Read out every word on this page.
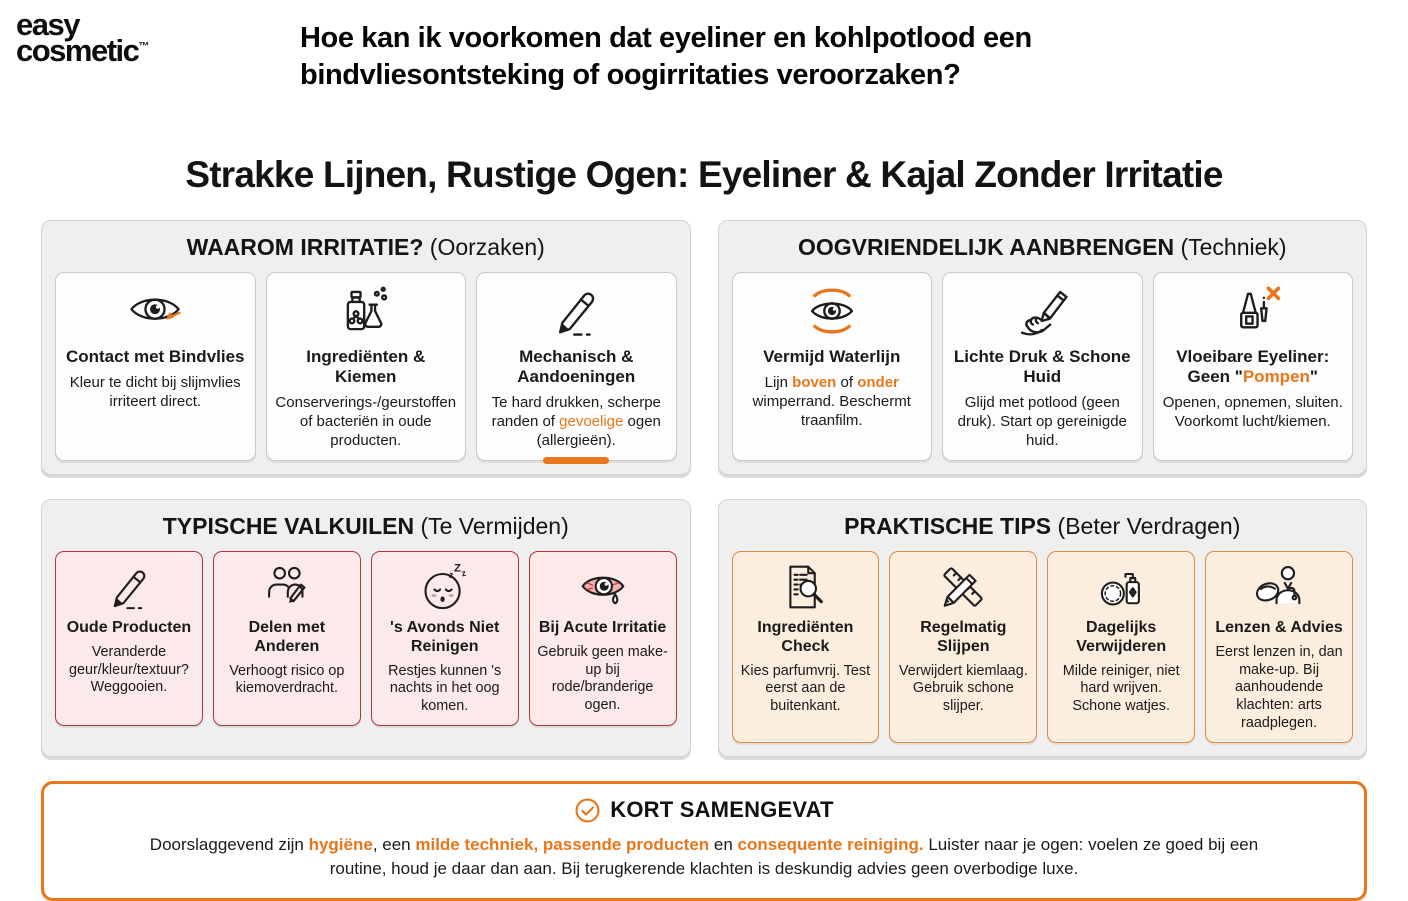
easy
cosmetic™	Hoe kan ik voorkomen dat eyeliner en kohlpotlood een
bindvliesontsteking of oogirritaties veroorzaken?
Strakke Lijnen, Rustige Ogen: Eyeliner & Kajal Zonder Irritatie
WAAROM IRRITATIE? (Oorzaken)
Contact met Bindvlies
Kleur te dicht bij slijmvlies irriteert direct.
Ingrediënten & Kiemen
Conserverings-/geurstoffen of bacteriën in oude producten.
Mechanisch & Aandoeningen
Te hard drukken, scherpe randen of gevoelige ogen (allergieën).
OOGVRIENDELIJK AANBRENGEN (Techniek)
Vermijd Waterlijn
Lijn boven of onder wimperrand. Beschermt traanfilm.
Lichte Druk & Schone Huid
Glijd met potlood (geen druk). Start op gereinigde huid.
Vloeibare Eyeliner: Geen "Pompen"
Openen, opnemen, sluiten. Voorkomt lucht/kiemen.
TYPISCHE VALKUILEN (Te Vermijden)
Oude Producten
Veranderde geur/kleur/textuur? Weggooien.
Delen met Anderen
Verhoogt risico op kiemoverdracht.
z
Z z
's Avonds Niet Reinigen
Restjes kunnen 's nachts in het oog komen.
Bij Acute Irritatie
Gebruik geen make-up bij rode/branderige ogen.
PRAKTISCHE TIPS (Beter Verdragen)
Ingrediënten Check
Kies parfumvrij. Test eerst aan de buitenkant.
Regelmatig Slijpen
Verwijdert kiemlaag. Gebruik schone slijper.
Dagelijks Verwijderen
Milde reiniger, niet hard wrijven. Schone watjes.
Lenzen & Advies
Eerst lenzen in, dan make-up. Bij aanhoudende klachten: arts raadplegen.
KORT SAMENGEVAT

Doorslaggevend zijn hygiëne, een milde techniek, passende producten en consequente reiniging. Luister naar je ogen: voelen ze goed bij een routine, houd je daar dan aan. Bij terugkerende klachten is deskundig advies geen overbodige luxe.
